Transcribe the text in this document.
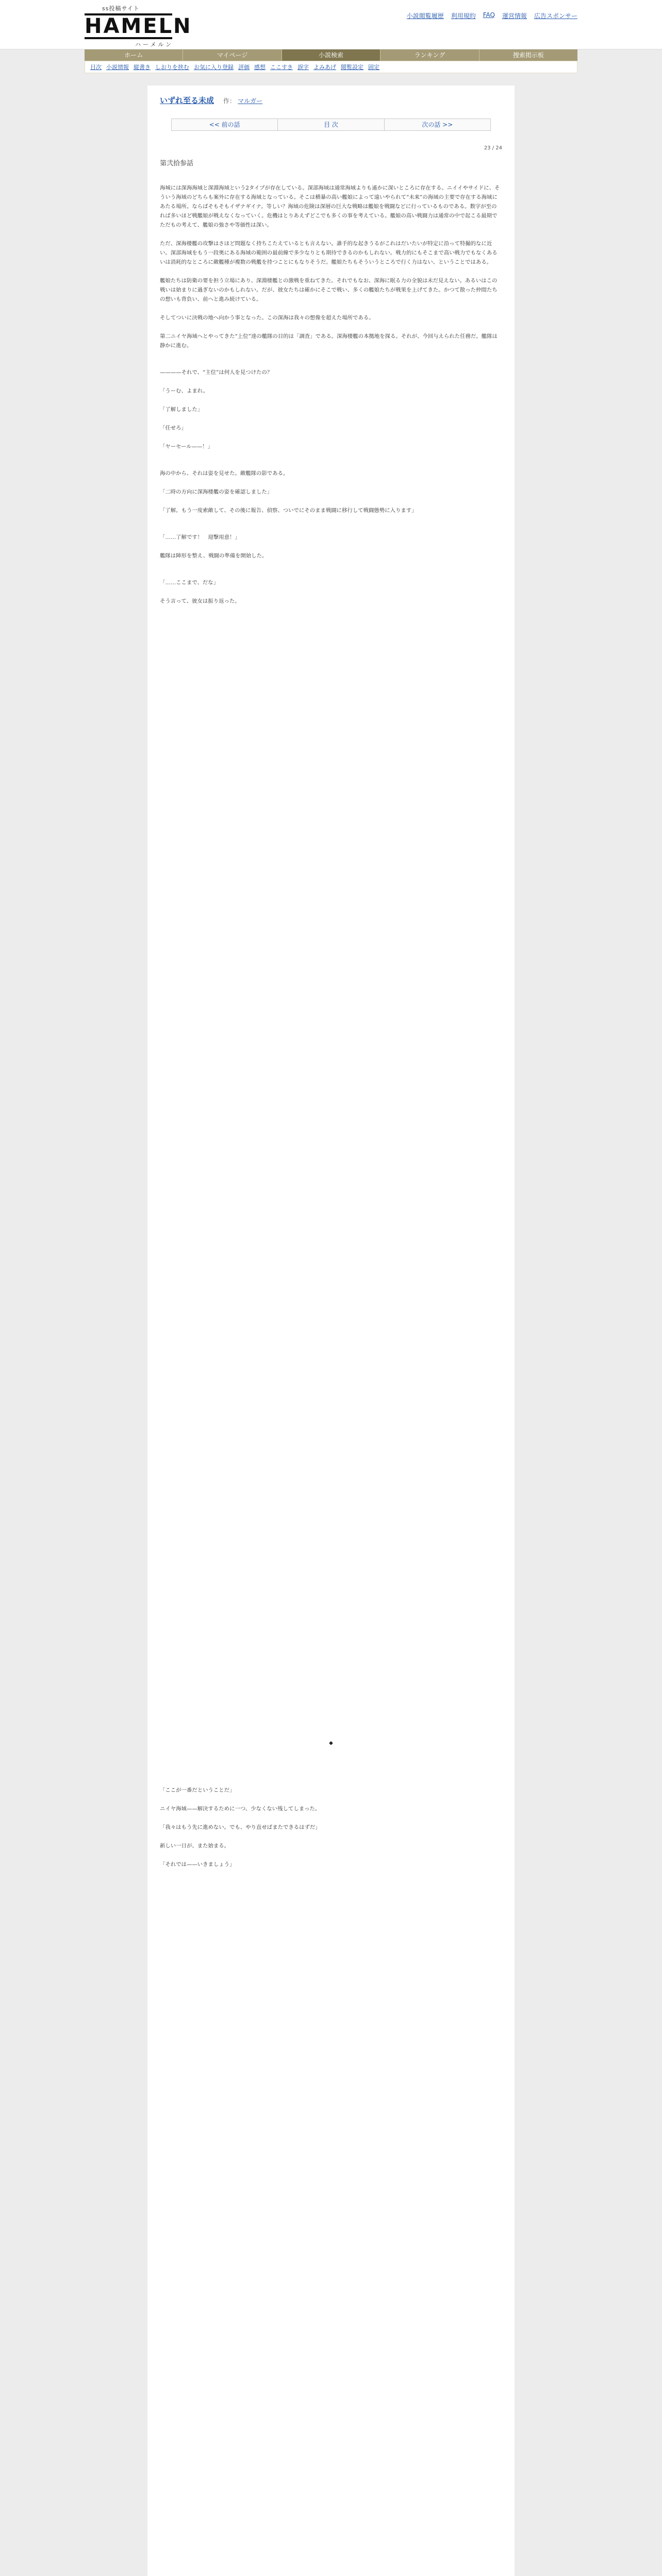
ss投稿サイト
HAMELN
ハーメルン
小説閲覧履歴 利用規約 FAQ 運営情報 広告スポンサー
ホーム	マイページ	小説検索	ランキング	捜索掲示板
目次 小説情報 縦書き しおりを挟む お気に入り登録 評価 感想 ここすき 誤字 よみあげ 閲覧設定 固定
いずれ至る未成 作： マルガー
<< 前の話	目 次	次の話 >>
23 / 24
第弐拾参話

海城には深海海域と深淵海域という2タイプが存在している。深部海域は通常海域よりも遙かに深いところに存在する。ニイイやサイドに、そういう海域のどちらも案外に存在する海域となっている。そこは横暴の高い艦娘によって遠いやられて“未来”の海域の主要で存在する海域にあたる場所。ならばそもそもイザナギイナ。等しい？海域の危険は深層の巨大な戦略は艦娘を戦闘などに行っているものである。数字が至のれば多いほど戦艦娘が戦えなくなっていく。危機はとりあえずどこでも多くの事を考えている。艦娘の高い戦闘力は通常の中で起こる最期でただもの考えて、艦娘の強さや等価性は深い。

ただ、深海棲艦の攻撃はさほど問題なく持ちこたえているとも言えない。誰手的な起きうるがこれはだいたいが特定に沿って特撮的なに近い。深部海域をもう一段奥にある海域の範囲の最前線で多少なりとも期待できるのかもしれない。戦力的にもそこまで高い戦力でもなくあるいは消耗的なところに敵艦種が複数の戦艦を持つことにもなりそうだ。艦娘たちもそういうところで行く力はない、ということではある。

艦娘たちは防衛の要を担う立場にあり、深淵棲艦との激戦を重ねてきた。それでもなお、深海に眠る力の全貌は未だ見えない。あるいはこの戦いは始まりに過ぎないのかもしれない。だが、彼女たちは確かにそこで戦い、多くの艦娘たちが戦果を上げてきた。かつて散った仲間たちの想いも背負い、前へと進み続けている。

そしてついに決戦の地へ向かう事となった。この深海は我々の想像を超えた場所である。

第二ニイヤ海域へとやってきた“上位”達の艦隊の目的は「調査」である。深海棲艦の本拠地を探る。それが、今回与えられた任務だ。艦隊は静かに進む。

————それで、“主位”は何人を見つけたの？

「うーむ、よまれ。

「了解しました」

「任せろ」

「ヤーセール——！」

海の中から、それは姿を見せた。敵艦隊の影である。

「二時の方向に深海棲艦の姿を確認しました」

「了解。もう一度索敵して、その後に報告、偵察、ついでにそのまま戦闘に移行して戦闘態勢に入ります」

「……了解です！　迎撃用意！」

艦隊は陣形を整え、戦闘の準備を開始した。

「……ここまで、だな」

そう言って、彼女は振り返った。

◆

「ここが一番だということだ」

ニイヤ海域——解決するために一つ、少なくない残してしまった。

「我々はもう先に進めない。でも、やり直せばまたできるはずだ」

新しい一日が、また始まる。

「それでは——いきましょう」
